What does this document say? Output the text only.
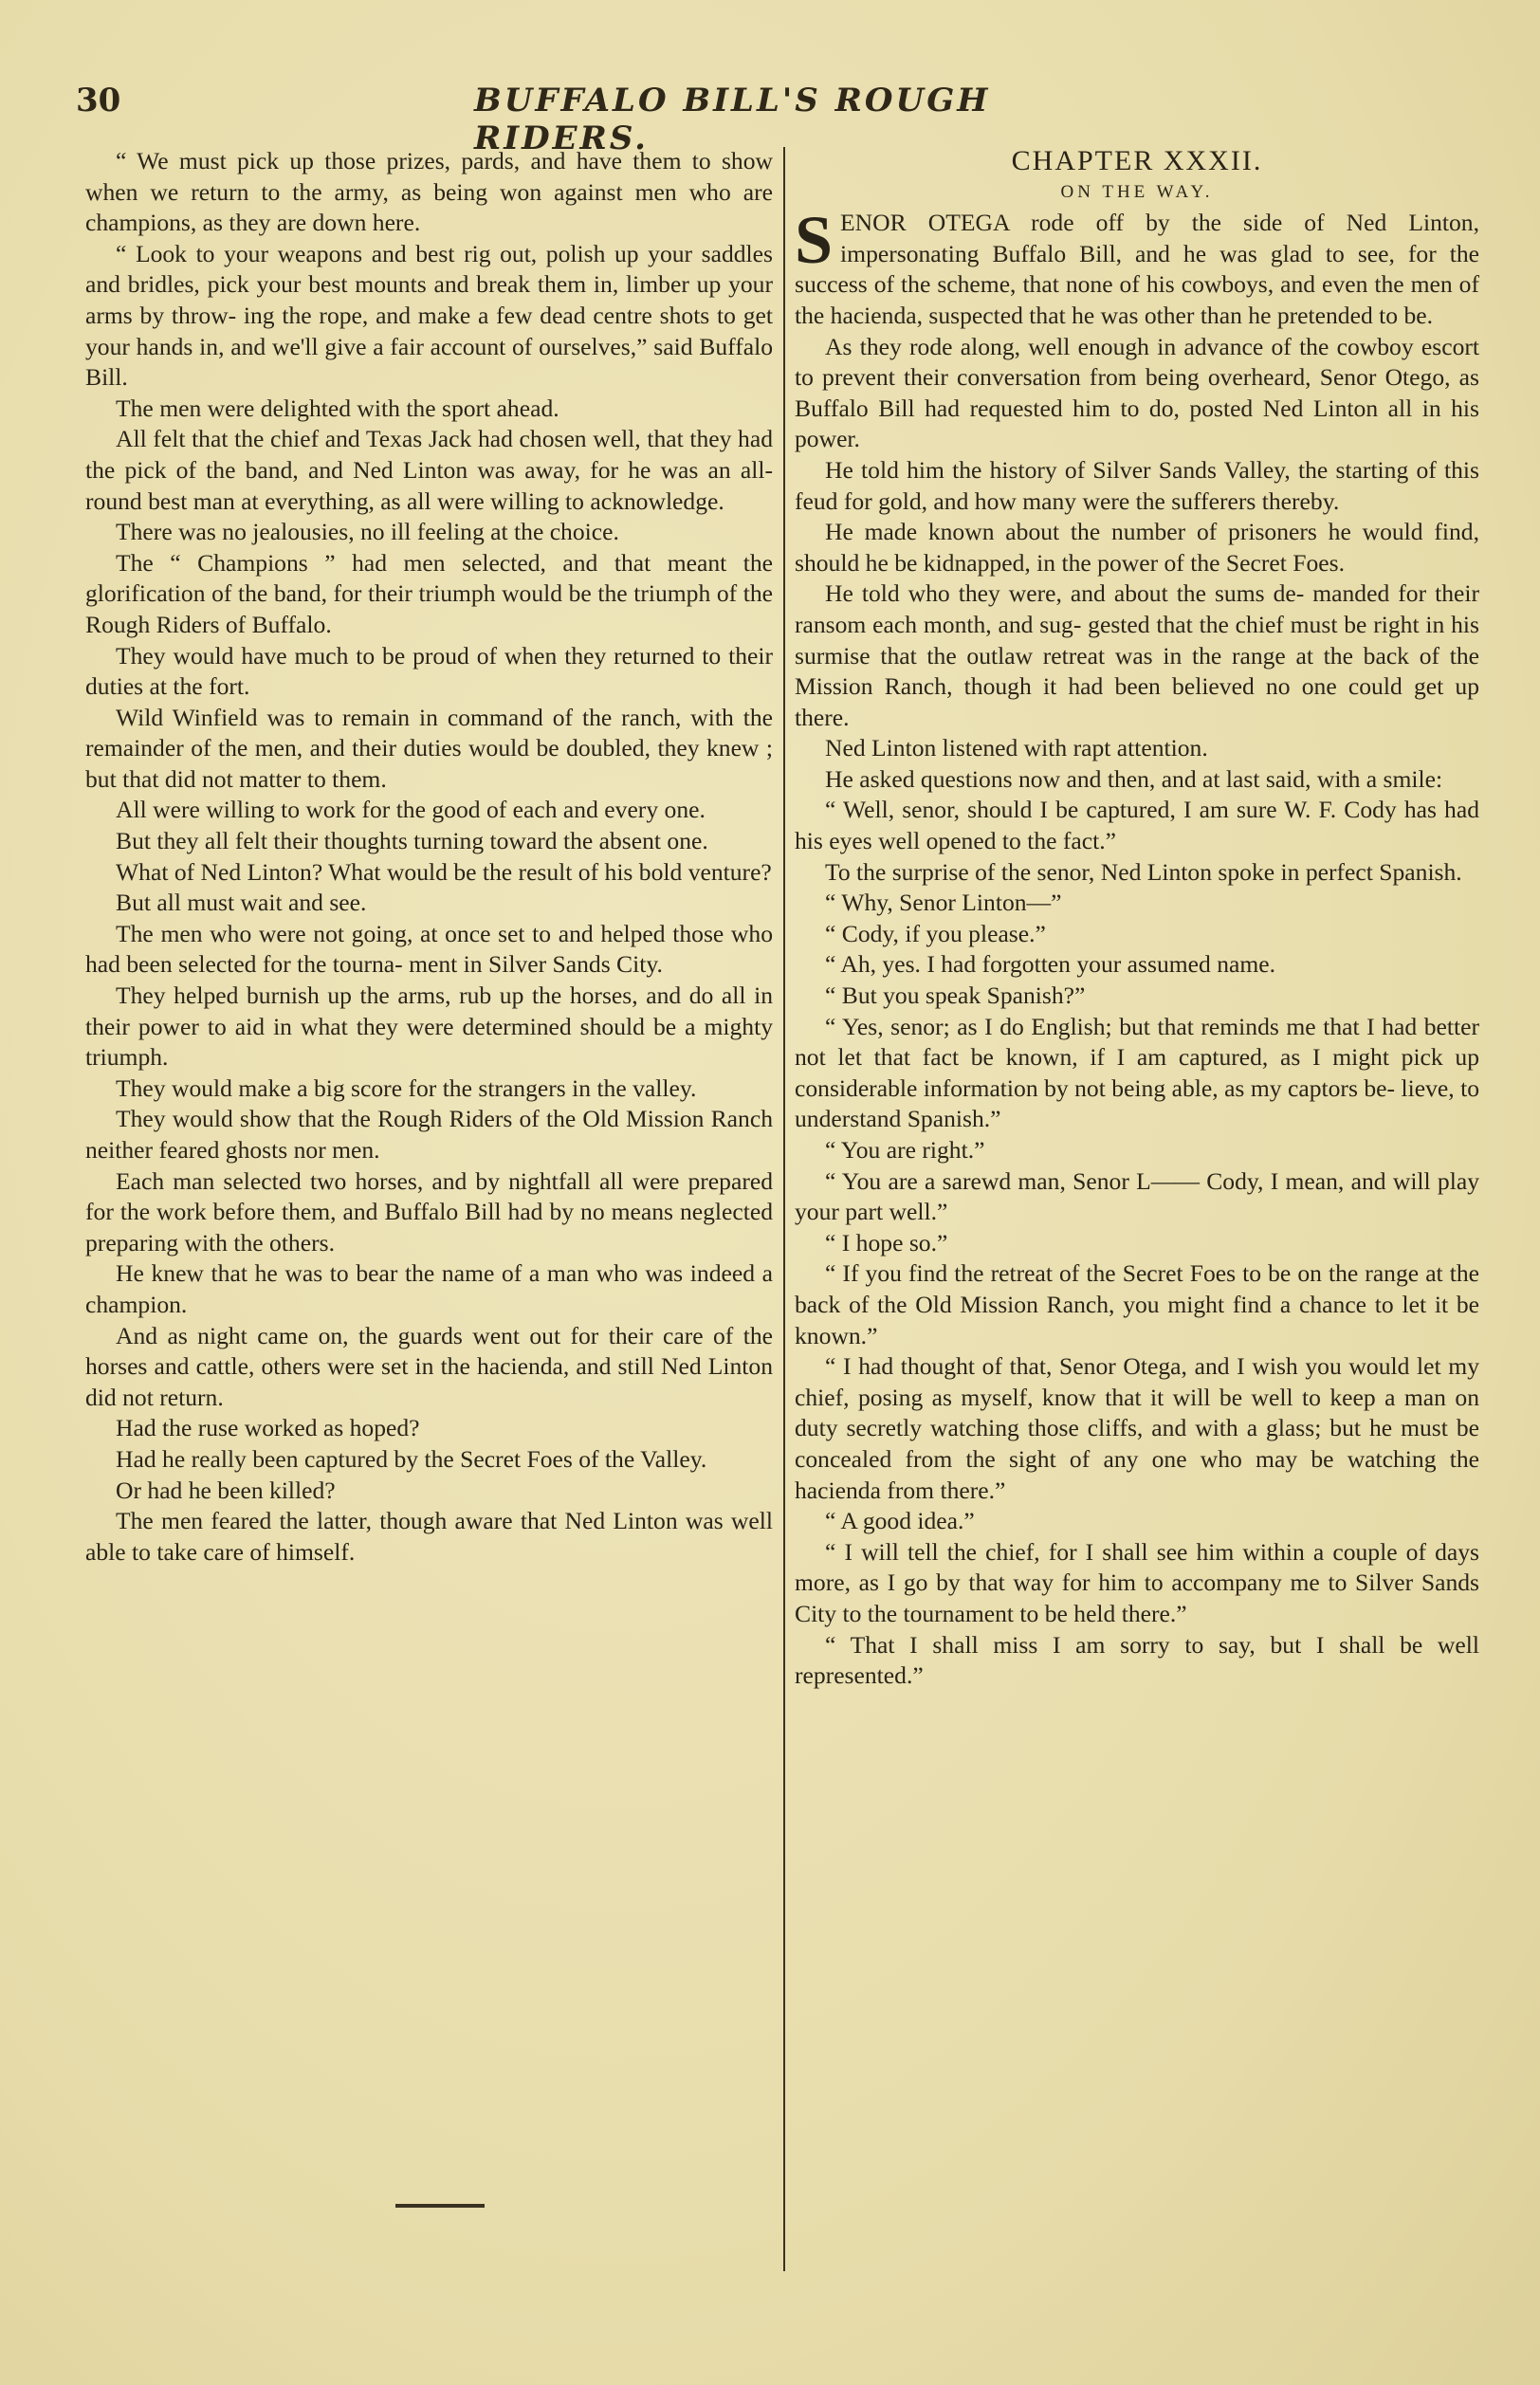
30	BUFFALO BILL'S ROUGH RIDERS.

“ We must pick up those prizes, pards, and have them to show when we return to the army, as being won against men who are champions, as they are down here.

“ Look to your weapons and best rig out, polish up your saddles and bridles, pick your best mounts and break them in, limber up your arms by throw- ing the rope, and make a few dead centre shots to get your hands in, and we'll give a fair account of ourselves,” said Buffalo Bill.

The men were delighted with the sport ahead.

All felt that the chief and Texas Jack had chosen well, that they had the pick of the band, and Ned Linton was away, for he was an all- round best man at everything, as all were willing to acknowledge.

There was no jealousies, no ill feeling at the choice.

The “ Champions ” had men selected, and that meant the glorification of the band, for their triumph would be the triumph of the Rough Riders of Buffalo.

They would have much to be proud of when they returned to their duties at the fort.

Wild Winfield was to remain in command of the ranch, with the remainder of the men, and their duties would be doubled, they knew ; but that did not matter to them.

All were willing to work for the good of each and every one.

But they all felt their thoughts turning toward the absent one.

What of Ned Linton? What would be the result of his bold venture?

But all must wait and see.

The men who were not going, at once set to and helped those who had been selected for the tourna- ment in Silver Sands City.

They helped burnish up the arms, rub up the horses, and do all in their power to aid in what they were determined should be a mighty triumph.

They would make a big score for the strangers in the valley.

They would show that the Rough Riders of the Old Mission Ranch neither feared ghosts nor men.

Each man selected two horses, and by nightfall all were prepared for the work before them, and Buffalo Bill had by no means neglected preparing with the others.

He knew that he was to bear the name of a man who was indeed a champion.

And as night came on, the guards went out for their care of the horses and cattle, others were set in the hacienda, and still Ned Linton did not return.

Had the ruse worked as hoped?

Had he really been captured by the Secret Foes of the Valley.

Or had he been killed?

The men feared the latter, though aware that Ned Linton was well able to take care of himself.

CHAPTER XXXII.

ON THE WAY.

SENOR OTEGA rode off by the side of Ned Linton, impersonating Buffalo Bill, and he was glad to see, for the success of the scheme, that none of his cowboys, and even the men of the hacienda, suspected that he was other than he pretended to be.

As they rode along, well enough in advance of the cowboy escort to prevent their conversation from being overheard, Senor Otego, as Buffalo Bill had requested him to do, posted Ned Linton all in his power.

He told him the history of Silver Sands Valley, the starting of this feud for gold, and how many were the sufferers thereby.

He made known about the number of prisoners he would find, should he be kidnapped, in the power of the Secret Foes.

He told who they were, and about the sums de- manded for their ransom each month, and sug- gested that the chief must be right in his surmise that the outlaw retreat was in the range at the back of the Mission Ranch, though it had been believed no one could get up there.

Ned Linton listened with rapt attention.

He asked questions now and then, and at last said, with a smile:

“ Well, senor, should I be captured, I am sure W. F. Cody has had his eyes well opened to the fact.”

To the surprise of the senor, Ned Linton spoke in perfect Spanish.

“ Why, Senor Linton—”

“ Cody, if you please.”

“ Ah, yes. I had forgotten your assumed name.

“ But you speak Spanish?”

“ Yes, senor; as I do English; but that reminds me that I had better not let that fact be known, if I am captured, as I might pick up considerable information by not being able, as my captors be- lieve, to understand Spanish.”

“ You are right.”

“ You are a sarewd man, Senor L—— Cody, I mean, and will play your part well.”

“ I hope so.”

“ If you find the retreat of the Secret Foes to be on the range at the back of the Old Mission Ranch, you might find a chance to let it be known.”

“ I had thought of that, Senor Otega, and I wish you would let my chief, posing as myself, know that it will be well to keep a man on duty secretly watching those cliffs, and with a glass; but he must be concealed from the sight of any one who may be watching the hacienda from there.”

“ A good idea.”

“ I will tell the chief, for I shall see him within a couple of days more, as I go by that way for him to accompany me to Silver Sands City to the tournament to be held there.”

“ That I shall miss I am sorry to say, but I shall be well represented.”
